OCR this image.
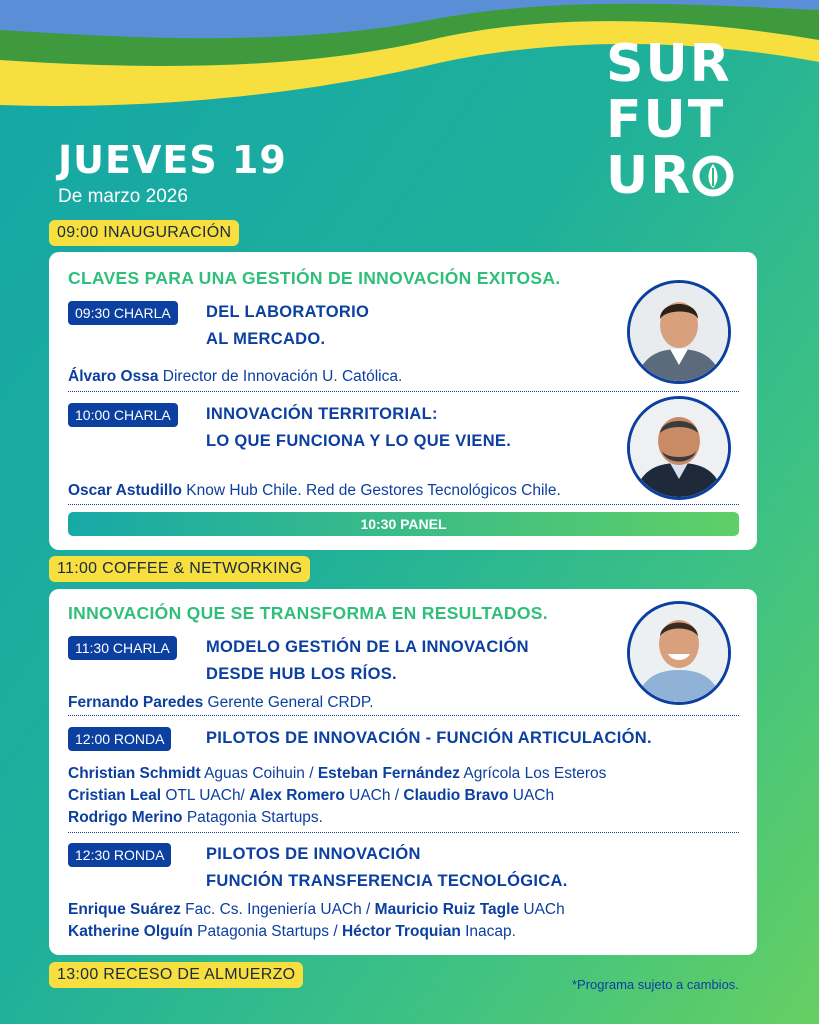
SUR
FUT
UR
JUEVES 19
De marzo 2026
09:00 INAUGURACIÓN
CLAVES PARA UNA GESTIÓN DE INNOVACIÓN EXITOSA.
09:30 CHARLA	DEL LABORATORIO
AL MERCADO.
Álvaro Ossa Director de Innovación U. Católica.
10:00 CHARLA	INNOVACIÓN TERRITORIAL:
LO QUE FUNCIONA Y LO QUE VIENE.
Oscar Astudillo Know Hub Chile. Red de Gestores Tecnológicos Chile.
10:30 PANEL
11:00 COFFEE & NETWORKING
INNOVACIÓN QUE SE TRANSFORMA EN RESULTADOS.
11:30 CHARLA	MODELO GESTIÓN DE LA INNOVACIÓN
DESDE HUB LOS RÍOS.
Fernando Paredes Gerente General CRDP.
12:00 RONDA	PILOTOS DE INNOVACIÓN - FUNCIÓN ARTICULACIÓN.
Christian Schmidt Aguas Coihuin / Esteban Fernández Agrícola Los Esteros
Cristian Leal OTL UACh/ Alex Romero UACh / Claudio Bravo UACh
Rodrigo Merino Patagonia Startups.
12:30 RONDA	PILOTOS DE INNOVACIÓN
FUNCIÓN TRANSFERENCIA TECNOLÓGICA.
Enrique Suárez Fac. Cs. Ingeniería UACh / Mauricio Ruiz Tagle UACh
Katherine Olguín Patagonia Startups / Héctor Troquian Inacap.
13:00 RECESO DE ALMUERZO
*Programa sujeto a cambios.
